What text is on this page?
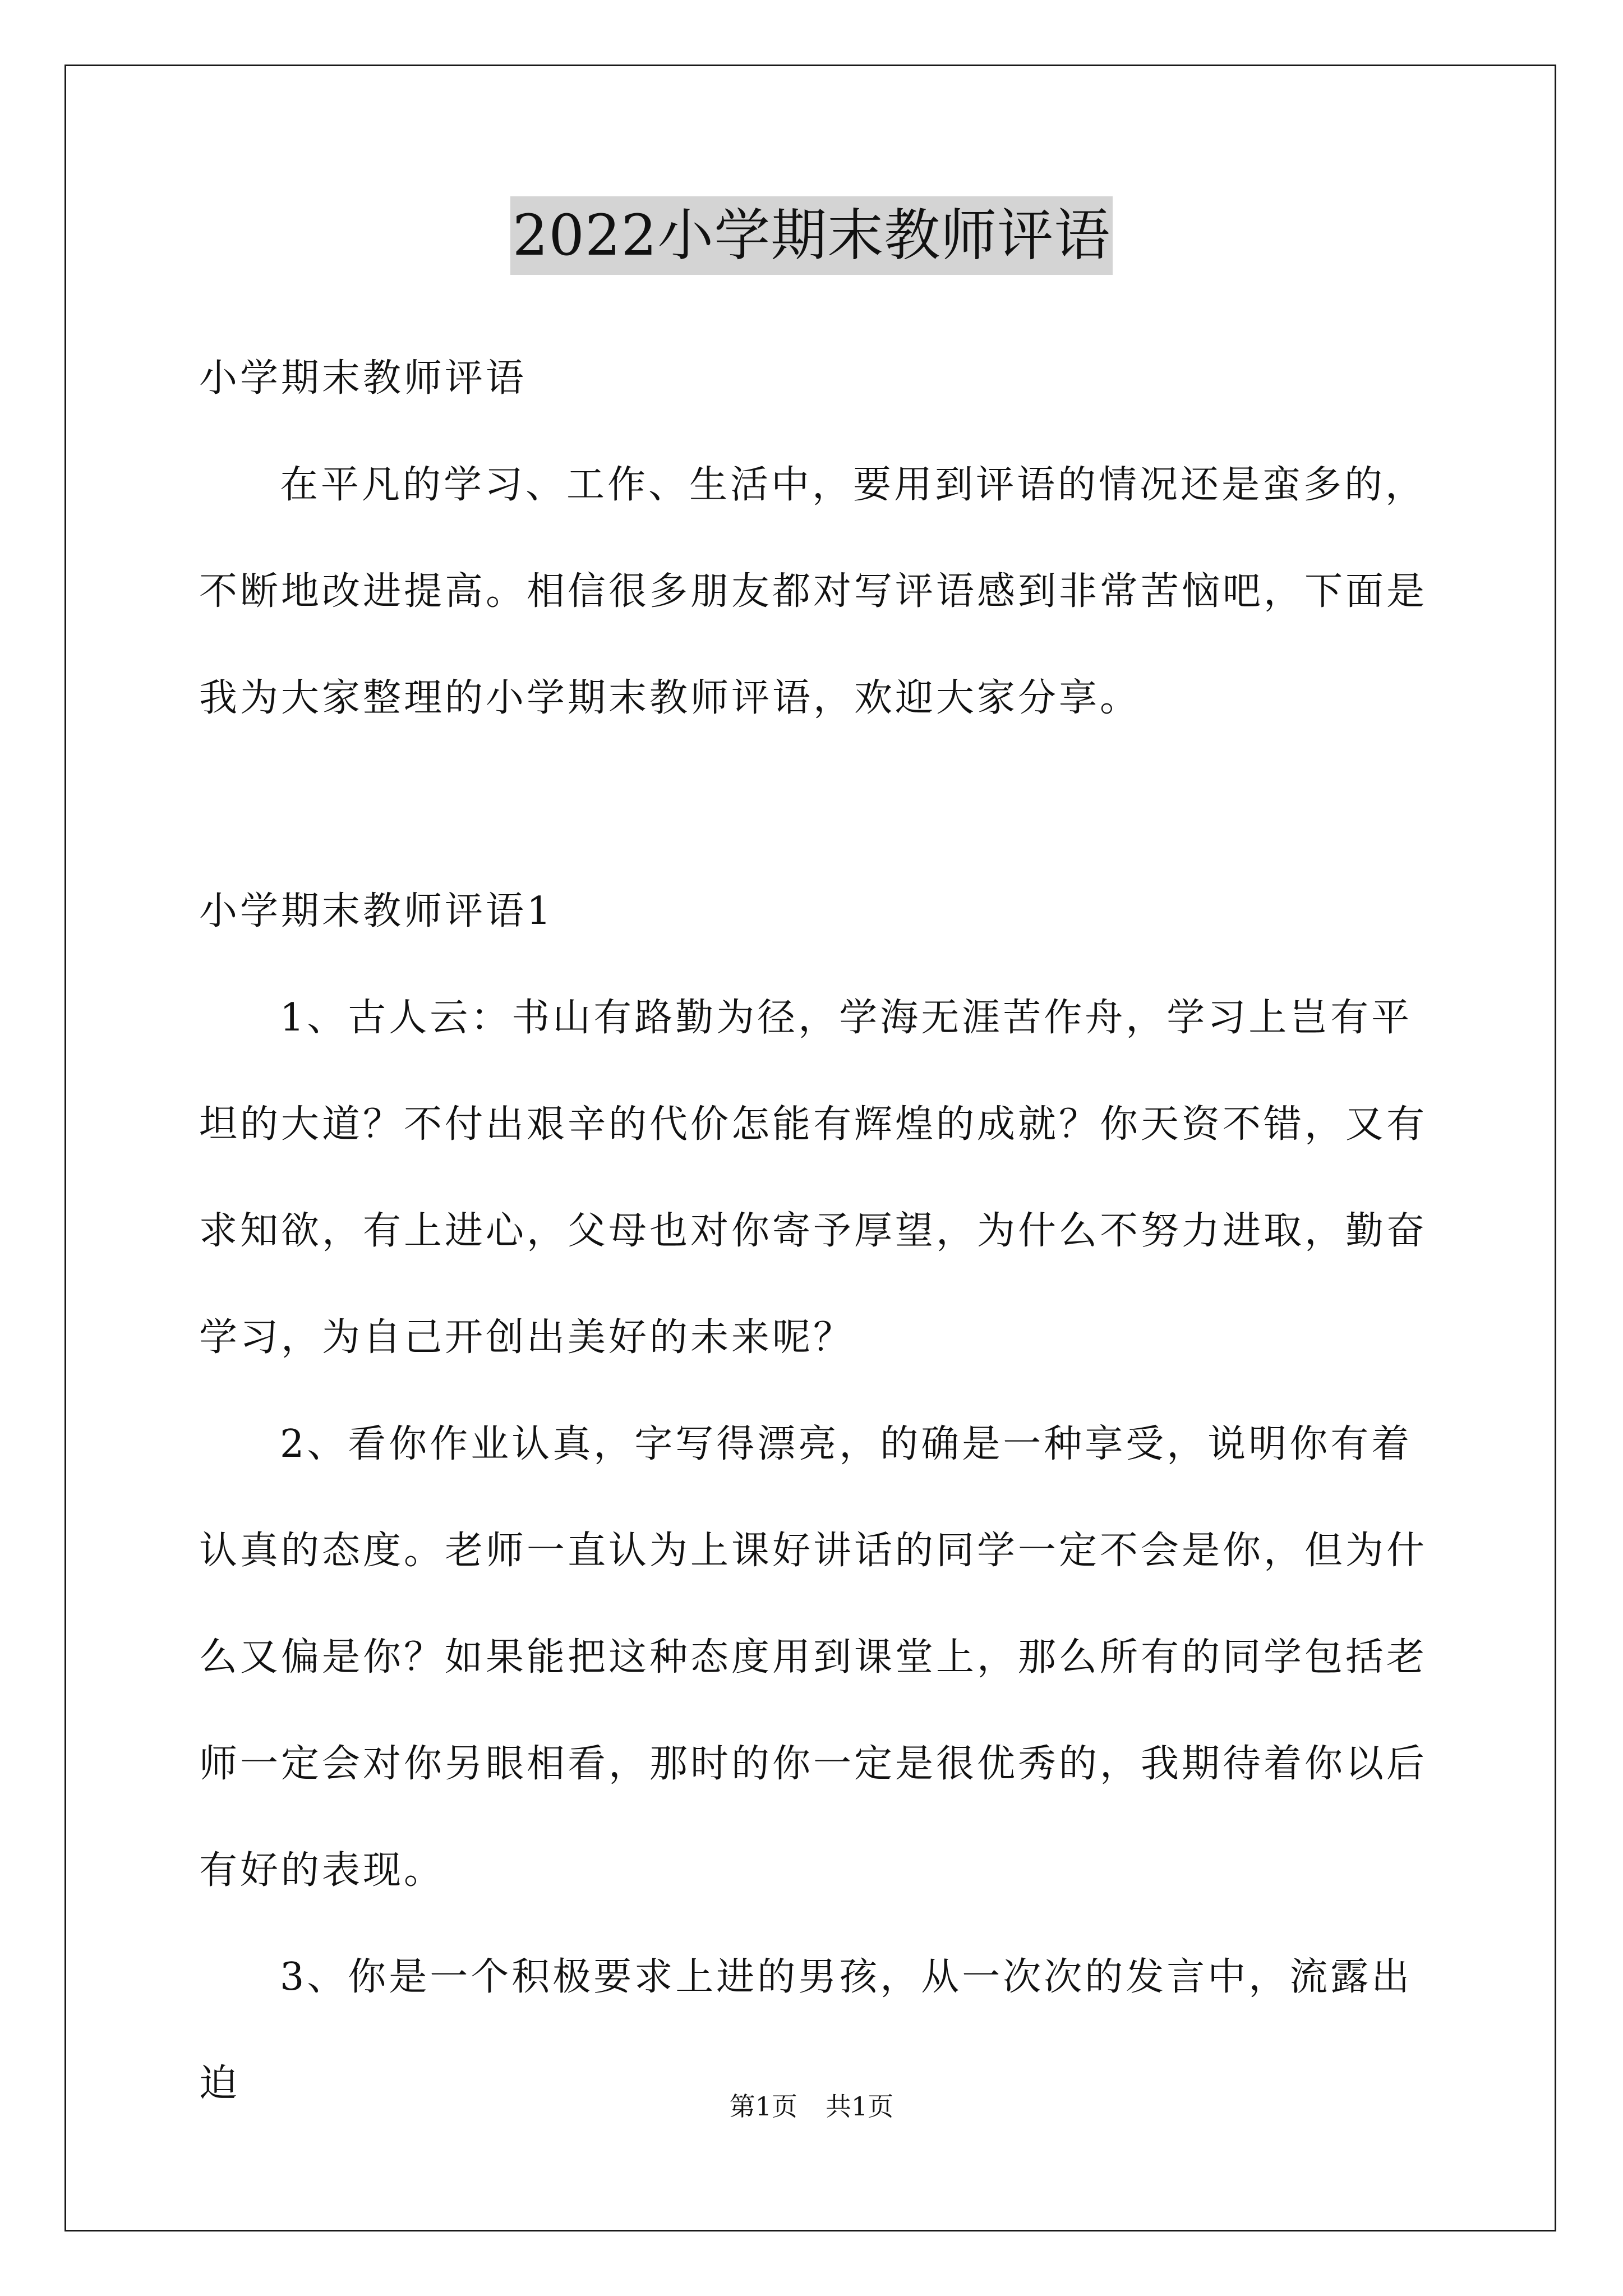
2022小学期末教师评语
小学期末教师评语
在平凡的学习、工作、生活中，要用到评语的情况还是蛮多的，不断地改进提高。相信很多朋友都对写评语感到非常苦恼吧，下面是我为大家整理的小学期末教师评语，欢迎大家分享。
小学期末教师评语1
1、古人云：书山有路勤为径，学海无涯苦作舟，学习上岂有平坦的大道？不付出艰辛的代价怎能有辉煌的成就？你天资不错，又有求知欲，有上进心，父母也对你寄予厚望，为什么不努力进取，勤奋学习，为自己开创出美好的未来呢？
2、看你作业认真，字写得漂亮，的确是一种享受，说明你有着认真的态度。老师一直认为上课好讲话的同学一定不会是你，但为什么又偏是你？如果能把这种态度用到课堂上，那么所有的同学包括老师一定会对你另眼相看，那时的你一定是很优秀的，我期待着你以后有好的表现。
3、你是一个积极要求上进的男孩，从一次次的发言中，流露出迫
第1页 共1页
